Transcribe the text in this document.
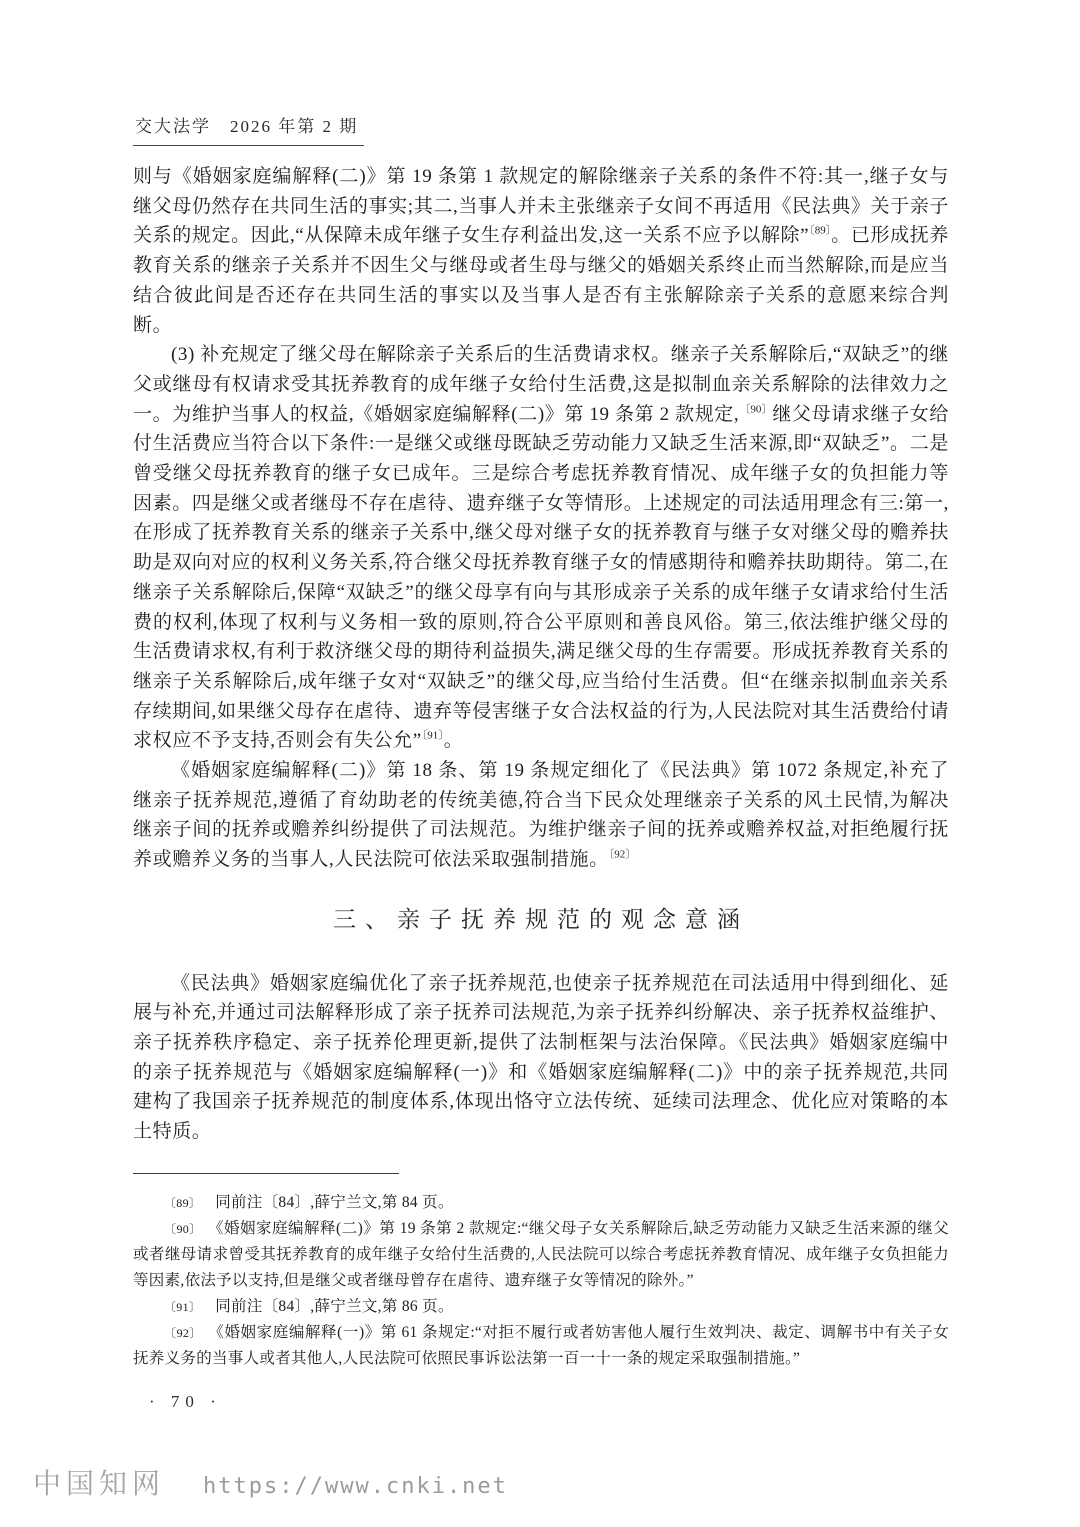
交大法学　2026 年第 2 期

则与《婚姻家庭编解释(二)》第 19 条第 1 款规定的解除继亲子关系的条件不符:其一,继子女与继父母仍然存在共同生活的事实;其二,当事人并未主张继亲子女间不再适用《民法典》关于亲子关系的规定。因此,“从保障未成年继子女生存利益出发,这一关系不应予以解除”$^{〔89〕}$。已形成抚养教育关系的继亲子关系并不因生父与继母或者生母与继父的婚姻关系终止而当然解除,而是应当结合彼此间是否还存在共同生活的事实以及当事人是否有主张解除亲子关系的意愿来综合判断。

(3) 补充规定了继父母在解除亲子关系后的生活费请求权。继亲子关系解除后,“双缺乏”的继父或继母有权请求受其抚养教育的成年继子女给付生活费,这是拟制血亲关系解除的法律效力之一。为维护当事人的权益,《婚姻家庭编解释(二)》第 19 条第 2 款规定,$^{〔90〕}$继父母请求继子女给付生活费应当符合以下条件:一是继父或继母既缺乏劳动能力又缺乏生活来源,即“双缺乏”。二是曾受继父母抚养教育的继子女已成年。三是综合考虑抚养教育情况、成年继子女的负担能力等因素。四是继父或者继母不存在虐待、遗弃继子女等情形。上述规定的司法适用理念有三:第一,在形成了抚养教育关系的继亲子关系中,继父母对继子女的抚养教育与继子女对继父母的赡养扶助是双向对应的权利义务关系,符合继父母抚养教育继子女的情感期待和赡养扶助期待。第二,在继亲子关系解除后,保障“双缺乏”的继父母享有向与其形成亲子关系的成年继子女请求给付生活费的权利,体现了权利与义务相一致的原则,符合公平原则和善良风俗。第三,依法维护继父母的生活费请求权,有利于救济继父母的期待利益损失,满足继父母的生存需要。形成抚养教育关系的继亲子关系解除后,成年继子女对“双缺乏”的继父母,应当给付生活费。但“在继亲拟制血亲关系存续期间,如果继父母存在虐待、遗弃等侵害继子女合法权益的行为,人民法院对其生活费给付请求权应不予支持,否则会有失公允”$^{〔91〕}$。

《婚姻家庭编解释(二)》第 18 条、第 19 条规定细化了《民法典》第 1072 条规定,补充了继亲子抚养规范,遵循了育幼助老的传统美德,符合当下民众处理继亲子关系的风土民情,为解决继亲子间的抚养或赡养纠纷提供了司法规范。为维护继亲子间的抚养或赡养权益,对拒绝履行抚养或赡养义务的当事人,人民法院可依法采取强制措施。$^{〔92〕}$

三、亲子抚养规范的观念意涵

《民法典》婚姻家庭编优化了亲子抚养规范,也使亲子抚养规范在司法适用中得到细化、延展与补充,并通过司法解释形成了亲子抚养司法规范,为亲子抚养纠纷解决、亲子抚养权益维护、亲子抚养秩序稳定、亲子抚养伦理更新,提供了法制框架与法治保障。《民法典》婚姻家庭编中的亲子抚养规范与《婚姻家庭编解释(一)》和《婚姻家庭编解释(二)》中的亲子抚养规范,共同建构了我国亲子抚养规范的制度体系,体现出恪守立法传统、延续司法理念、优化应对策略的本土特质。

〔89〕 同前注〔84〕,薛宁兰文,第 84 页。

〔90〕 《婚姻家庭编解释(二)》第 19 条第 2 款规定:“继父母子女关系解除后,缺乏劳动能力又缺乏生活来源的继父或者继母请求曾受其抚养教育的成年继子女给付生活费的,人民法院可以综合考虑抚养教育情况、成年继子女负担能力等因素,依法予以支持,但是继父或者继母曾存在虐待、遗弃继子女等情况的除外。”

〔91〕 同前注〔84〕,薛宁兰文,第 86 页。

〔92〕 《婚姻家庭编解释(一)》第 61 条规定:“对拒不履行或者妨害他人履行生效判决、裁定、调解书中有关子女抚养义务的当事人或者其他人,人民法院可依照民事诉讼法第一百一十一条的规定采取强制措施。”

· 70 ·
中国知网 https://www.cnki.net
